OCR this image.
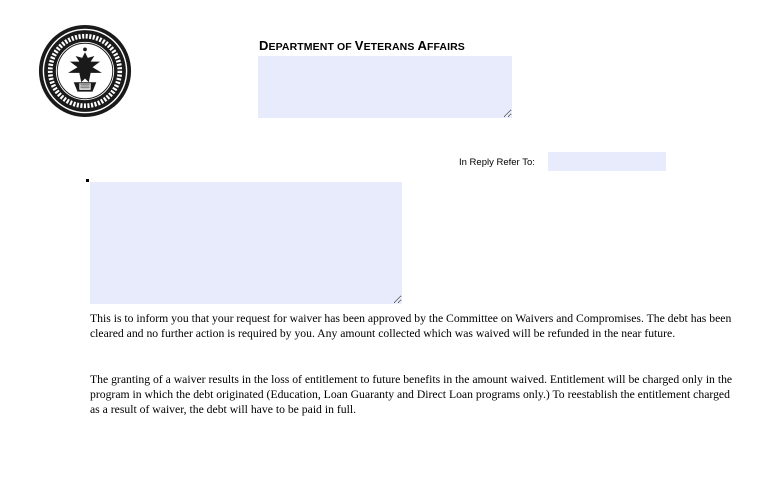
DEPARTMENT OF VETERANS AFFAIRS
In Reply Refer To:

This is to inform you that your request for waiver has been approved by the Committee on Waivers and Compromises. The debt has been cleared and no further action is required by you. Any amount collected which was waived will be refunded in the near future.

The granting of a waiver results in the loss of entitlement to future benefits in the amount waived. Entitlement will be charged only in the program in which the debt originated (Education, Loan Guaranty and Direct Loan programs only.) To reestablish the entitlement charged as a result of waiver, the debt will have to be paid in full.
